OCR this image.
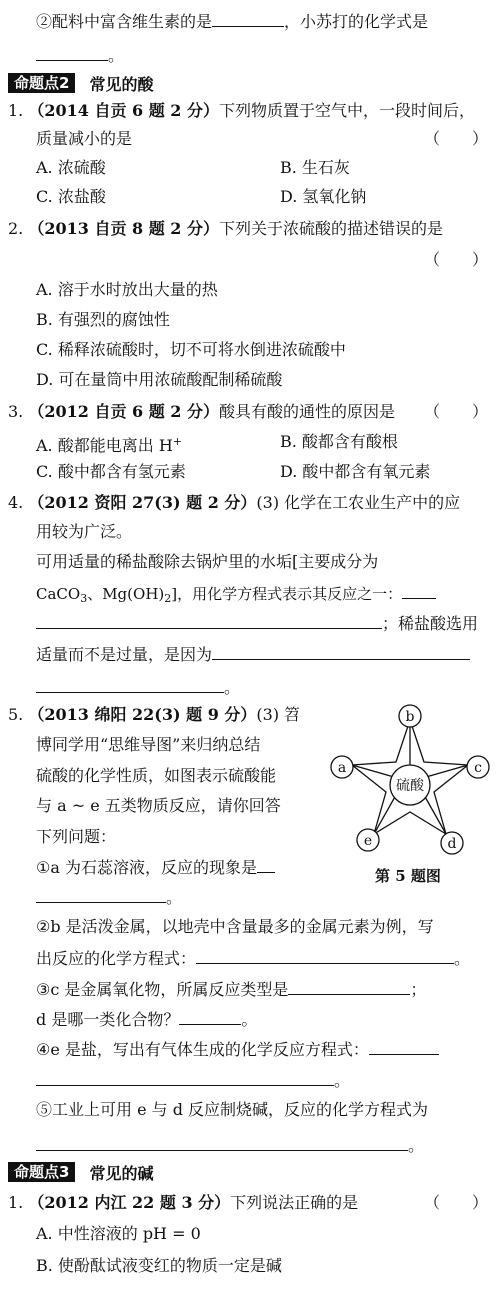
②配料中富含维生素的是	，小苏打的化学式是
。
命题点2	常见的酸
1. （2014 自贡 6 题 2 分）下列物质置于空气中，一段时间后，
质量减小的是	（　　）
A. 浓硫酸	B. 生石灰
C. 浓盐酸	D. 氢氧化钠
2. （2013 自贡 8 题 2 分）下列关于浓硫酸的描述错误的是
（　　）
A. 溶于水时放出大量的热
B. 有强烈的腐蚀性
C. 稀释浓硫酸时，切不可将水倒进浓硫酸中
D. 可在量筒中用浓硫酸配制稀硫酸
3. （2012 自贡 6 题 2 分）酸具有酸的通性的原因是 （　　）
A. 酸都能电离出 H+	B. 酸都含有酸根
C. 酸中都含有氢元素	D. 酸中都含有氧元素
4. （2012 资阳 27(3) 题 2 分）(3) 化学在工农业生产中的应
用较为广泛。
可用适量的稀盐酸除去锅炉里的水垢[主要成分为
CaCO$_3$、$Mg(OH)_2$]，用化学方程式表示其反应之一：
；稀盐酸选用
适量而不是过量，是因为
。
5. （2013 绵阳 22(3) 题 9 分）(3) 笤
博同学用“思维导图”来归纳总结
硫酸的化学性质，如图表示硫酸能
与 a ~ e 五类物质反应，请你回答
下列问题：
①a 为石蕊溶液，反应的现象是
。
硫酸
b
a	c
e	d
第 5 题图
②b 是活泼金属，以地壳中含量最多的金属元素为例，写
出反应的化学方程式：	。
③c 是金属氧化物，所属反应类型是	；
d 是哪一类化合物？	。
④e 是盐，写出有气体生成的化学反应方程式：
。
⑤工业上可用 e 与 d 反应制烧碱，反应的化学方程式为
。
命题点3	常见的碱
1. （2012 内江 22 题 3 分）下列说法正确的是	（　　）
A. 中性溶液的 pH = 0
B. 使酚酞试液变红的物质一定是碱
